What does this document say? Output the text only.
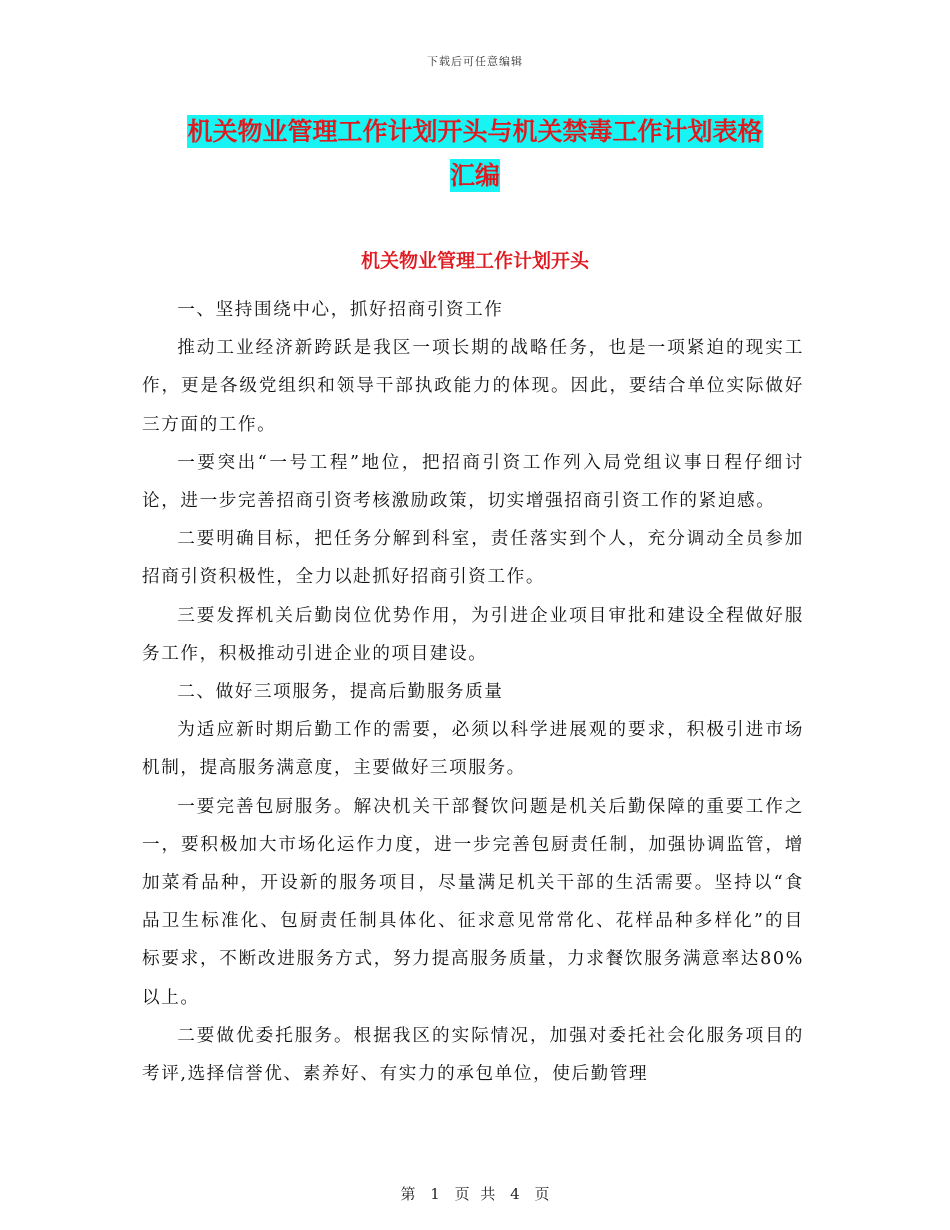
下载后可任意编辑
机关物业管理工作计划开头与机关禁毒工作计划表格
汇编
机关物业管理工作计划开头

一、坚持围绕中心，抓好招商引资工作

推动工业经济新跨跃是我区一项长期的战略任务，也是一项紧迫的现实工作，更是各级党组织和领导干部执政能力的体现。因此，要结合单位实际做好三方面的工作。

一要突出“一号工程”地位，把招商引资工作列入局党组议事日程仔细讨论，进一步完善招商引资考核激励政策，切实增强招商引资工作的紧迫感。

二要明确目标，把任务分解到科室，责任落实到个人，充分调动全员参加招商引资积极性，全力以赴抓好招商引资工作。

三要发挥机关后勤岗位优势作用，为引进企业项目审批和建设全程做好服务工作，积极推动引进企业的项目建设。

二、做好三项服务，提高后勤服务质量

为适应新时期后勤工作的需要，必须以科学进展观的要求，积极引进市场机制，提高服务满意度，主要做好三项服务。

一要完善包厨服务。解决机关干部餐饮问题是机关后勤保障的重要工作之一，要积极加大市场化运作力度，进一步完善包厨责任制，加强协调监管，增加菜肴品种，开设新的服务项目，尽量满足机关干部的生活需要。坚持以“食品卫生标准化、包厨责任制具体化、征求意见常常化、花样品种多样化”的目标要求，不断改进服务方式，努力提高服务质量，力求餐饮服务满意率达80%以上。

二要做优委托服务。根据我区的实际情况，加强对委托社会化服务项目的考评,选择信誉优、素养好、有实力的承包单位，使后勤管理

第 1 页 共 4 页
